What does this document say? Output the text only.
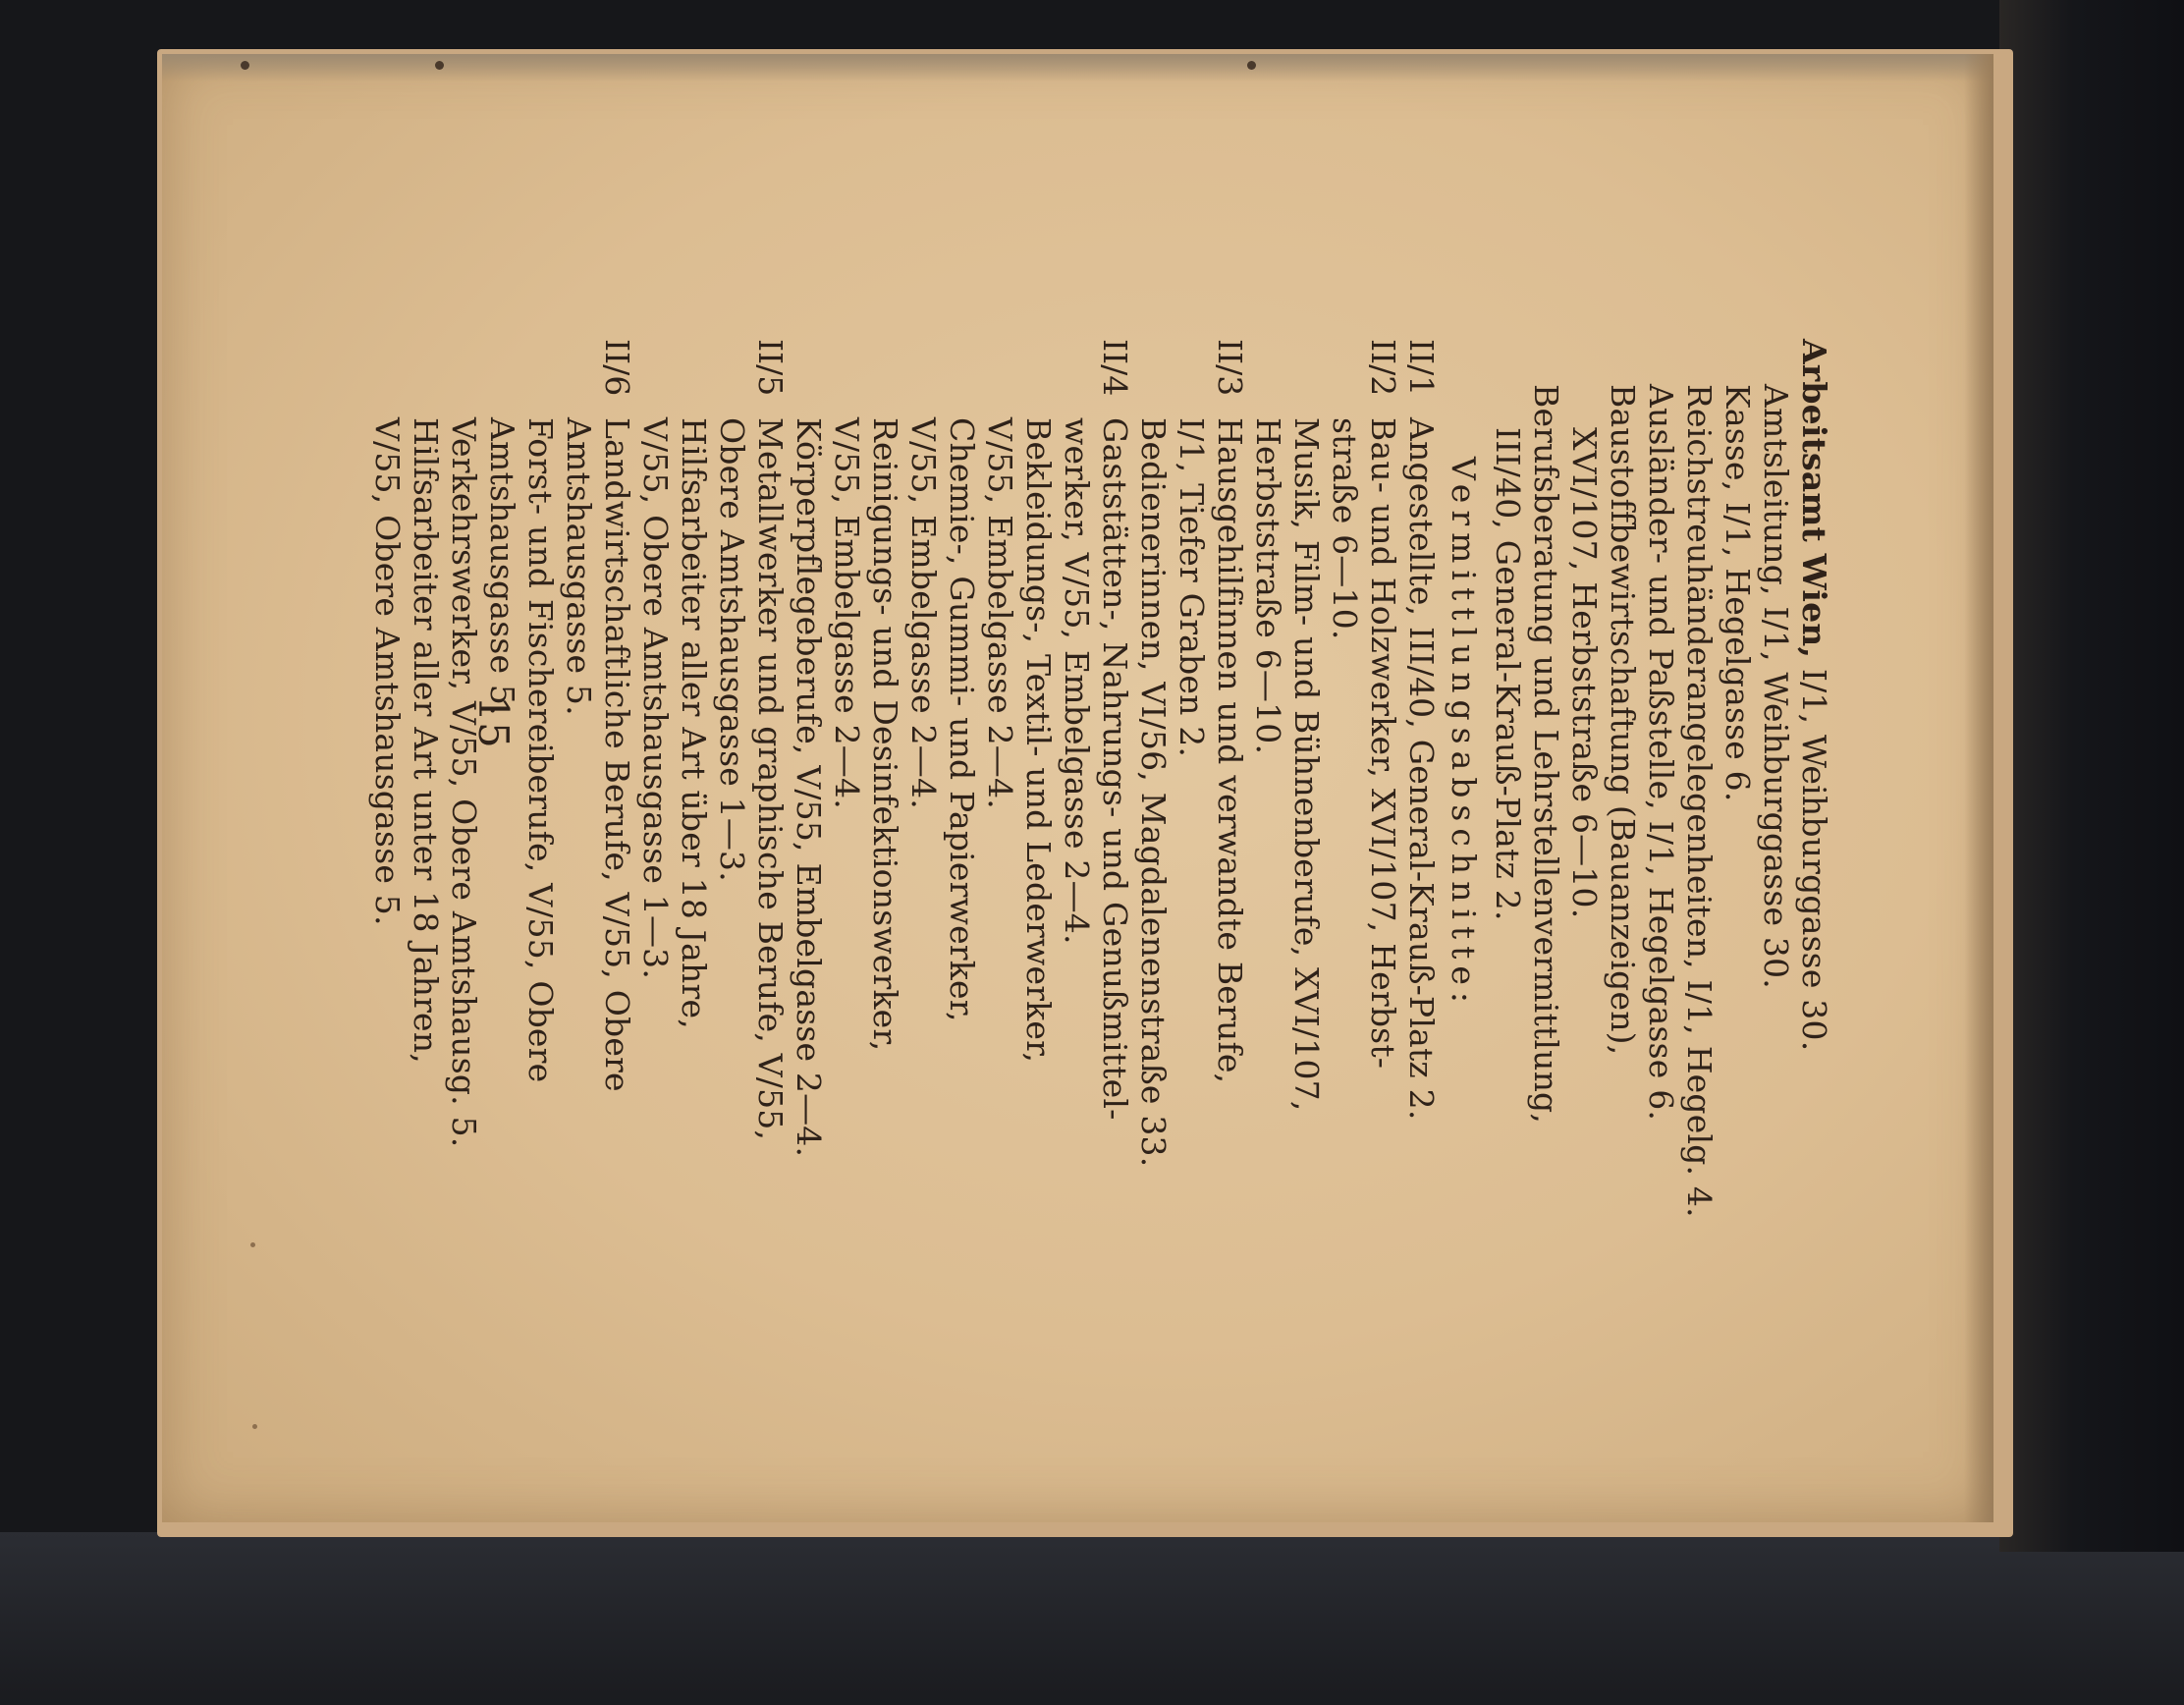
Arbeitsamt Wien, I/1, Weihburggasse 30.
Amtsleitung, I/1, Weihburggasse 30.
Kasse, I/1, Hegelgasse 6.
Reichstreuhänderangelegenheiten, I/1, Hegelg. 4.
Ausländer- und Paßstelle, I/1, Hegelgasse 6.
Baustoffbewirtschaftung (Bauanzeigen),
XVI/107, Herbststraße 6—10.
Berufsberatung und Lehrstellenvermittlung,
III/40, General-Krauß-Platz 2.
Vermittlungsabschnitte:
II/1
Angestellte, III/40, General-Krauß-Platz 2.
II/2
Bau- und Holzwerker, XVI/107, Herbst-
straße 6—10.
Musik, Film- und Bühnenberufe, XVI/107,
Herbststraße 6—10.
II/3
Hausgehilfinnen und verwandte Berufe,
I/1, Tiefer Graben 2.
Bedienerinnen, VI/56, Magdalenenstraße 33.
II/4
Gaststätten-, Nahrungs- und Genußmittel-
werker, V/55, Embelgasse 2—4.
Bekleidungs-, Textil- und Lederwerker,
V/55, Embelgasse 2—4.
Chemie-, Gummi- und Papierwerker,
V/55, Embelgasse 2—4.
Reinigungs- und Desinfektionswerker,
V/55, Embelgasse 2—4.
Körperpflegeberufe, V/55, Embelgasse 2—4.
II/5
Metallwerker und graphische Berufe, V/55,
Obere Amtshausgasse 1—3.
Hilfsarbeiter aller Art über 18 Jahre,
V/55, Obere Amtshausgasse 1—3.
II/6
Landwirtschaftliche Berufe, V/55, Obere
Amtshausgasse 5.
Forst- und Fischereiberufe, V/55, Obere
Amtshausgasse 5.
Verkehrswerker, V/55, Obere Amtshausg. 5.
Hilfsarbeiter aller Art unter 18 Jahren,
V/55, Obere Amtshausgasse 5. 15
